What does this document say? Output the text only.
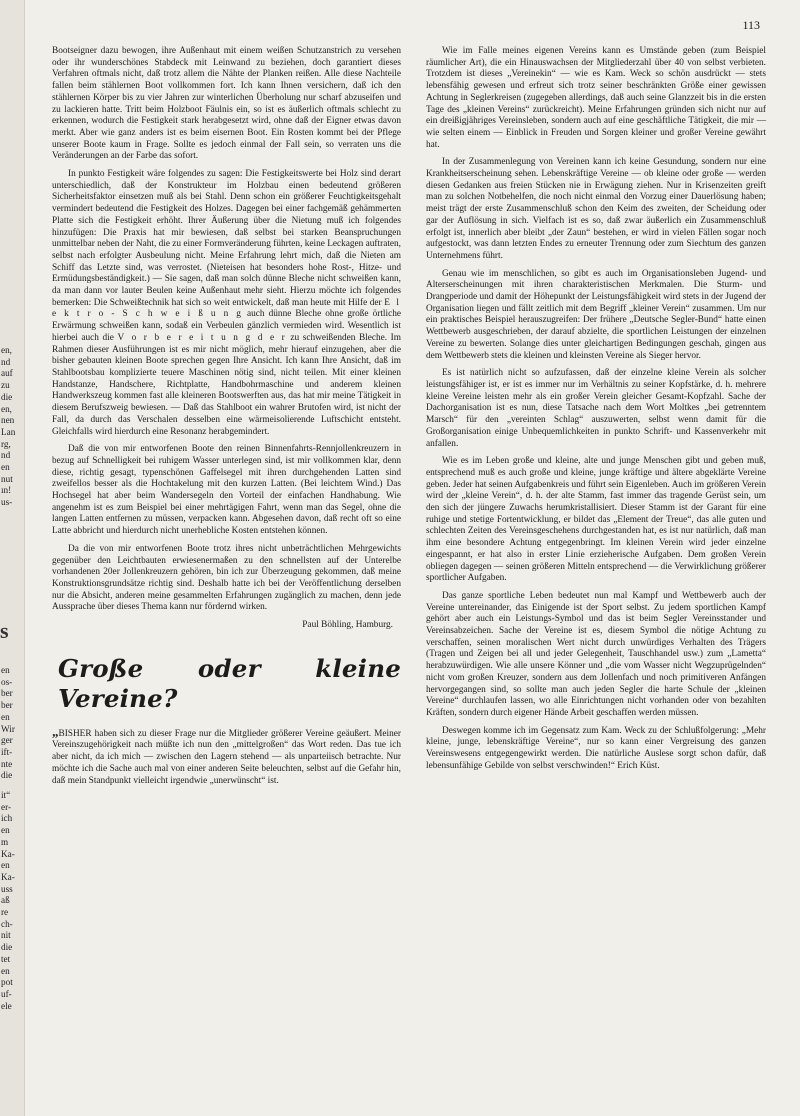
en,
nd
auf
zu
die
en,
nen
Lan
rg,
nd
en
nut
ın!
us-
s
en
os-
ber
ber
en
Wir
ger
ift-
nte
die
it“
er-
ich
en
m
Ka-
en
Ka-
uss
aß
re
ch-
nit
die
tet
en
pot
uf-
ele
113

Bootseigner dazu bewogen, ihre Außenhaut mit einem weißen Schutzanstrich zu versehen oder ihr wunderschönes Stabdeck mit Leinwand zu beziehen, doch garantiert dieses Verfahren oftmals nicht, daß trotz allem die Nähte der Planken reißen. Alle diese Nachteile fallen beim stählernen Boot vollkommen fort. Ich kann Ihnen versichern, daß ich den stählernen Körper bis zu vier Jahren zur winterlichen Überholung nur scharf abzuseifen und zu lackieren hatte. Tritt beim Holzboot Fäulnis ein, so ist es äußerlich oftmals schlecht zu erkennen, wodurch die Festigkeit stark herabgesetzt wird, ohne daß der Eigner etwas davon merkt. Aber wie ganz anders ist es beim eisernen Boot. Ein Rosten kommt bei der Pflege unserer Boote kaum in Frage. Sollte es jedoch einmal der Fall sein, so verraten uns die Veränderungen an der Farbe das sofort.

In punkto Festigkeit wäre folgendes zu sagen: Die Festigkeitswerte bei Holz sind derart unterschiedlich, daß der Konstrukteur im Holzbau einen bedeutend größeren Sicherheitsfaktor einsetzen muß als bei Stahl. Denn schon ein größerer Feuchtigkeitsgehalt vermindert bedeutend die Festigkeit des Holzes. Dagegen bei einer fachgemäß gehämmerten Platte sich die Festigkeit erhöht. Ihrer Äußerung über die Nietung muß ich folgendes hinzufügen: Die Praxis hat mir bewiesen, daß selbst bei starken Beanspruchungen unmittelbar neben der Naht, die zu einer Formveränderung führten, keine Leckagen auftraten, selbst nach erfolgter Ausbeulung nicht. Meine Erfahrung lehrt mich, daß die Nieten am Schiff das Letzte sind, was verrostet. (Nieteisen hat besonders hohe Rost-, Hitze- und Ermüdungsbeständigkeit.) — Sie sagen, daß man solch dünne Bleche nicht schweißen kann, da man dann vor lauter Beulen keine Außenhaut mehr sieht. Hierzu möchte ich folgendes bemerken: Die Schweißtechnik hat sich so weit entwickelt, daß man heute mit Hilfe der E l e k t r o - S c h w e i ß u n g auch dünne Bleche ohne große örtliche Erwärmung schweißen kann, sodaß ein Verbeulen gänzlich vermieden wird. Wesentlich ist hierbei auch die V o r b e r e i t u n g d e r zu schweißenden Bleche. Im Rahmen dieser Ausführungen ist es mir nicht möglich, mehr hierauf einzugehen, aber die bisher gebauten kleinen Boote sprechen gegen Ihre Ansicht. Ich kann Ihre Ansicht, daß im Stahlbootsbau komplizierte teuere Maschinen nötig sind, nicht teilen. Mit einer kleinen Handstanze, Handschere, Richtplatte, Handbohrmaschine und anderem kleinen Handwerkszeug kommen fast alle kleineren Bootswerften aus, das hat mir meine Tätigkeit in diesem Berufszweig bewiesen. — Daß das Stahlboot ein wahrer Brutofen wird, ist nicht der Fall, da durch das Verschalen desselben eine wärmeisolierende Luftschicht entsteht. Gleichfalls wird hierdurch eine Resonanz herabgemindert.

Daß die von mir entworfenen Boote den reinen Binnenfahrts-Rennjollenkreuzern in bezug auf Schnelligkeit bei ruhigem Wasser unterlegen sind, ist mir vollkommen klar, denn diese, richtig gesagt, typenschönen Gaffelsegel mit ihren durchgehenden Latten sind zweifellos besser als die Hochtakelung mit den kurzen Latten. (Bei leichtem Wind.) Das Hochsegel hat aber beim Wandersegeln den Vorteil der einfachen Handhabung. Wie angenehm ist es zum Beispiel bei einer mehrtägigen Fahrt, wenn man das Segel, ohne die langen Latten entfernen zu müssen, verpacken kann. Abgesehen davon, daß recht oft so eine Latte abbricht und hierdurch nicht unerhebliche Kosten entstehen können.

Da die von mir entworfenen Boote trotz ihres nicht unbeträchtlichen Mehrgewichts gegenüber den Leichtbauten erwiesenermaßen zu den schnellsten auf der Unterelbe vorhandenen 20er Jollenkreuzern gehören, bin ich zur Überzeugung gekommen, daß meine Konstruktionsgrundsätze richtig sind. Deshalb hatte ich bei der Veröffentlichung derselben nur die Absicht, anderen meine gesammelten Erfahrungen zugänglich zu machen, denn jede Aussprache über dieses Thema kann nur fördernd wirken.

Paul Böhling, Hamburg.
Große oder kleine Vereine?

„BISHER haben sich zu dieser Frage nur die Mitglieder größerer Vereine geäußert. Meiner Vereinszugehörigkeit nach müßte ich nun den „mittelgroßen“ das Wort reden. Das tue ich aber nicht, da ich mich — zwischen den Lagern stehend — als unparteiisch betrachte. Nur möchte ich die Sache auch mal von einer anderen Seite beleuchten, selbst auf die Gefahr hin, daß mein Standpunkt vielleicht irgendwie „unerwünscht“ ist.

Wie im Falle meines eigenen Vereins kann es Umstände geben (zum Beispiel räumlicher Art), die ein Hinauswachsen der Mitgliederzahl über 40 von selbst verbieten. Trotzdem ist dieses „Vereinekin“ — wie es Kam. Weck so schön ausdrückt — stets lebensfähig gewesen und erfreut sich trotz seiner beschränkten Größe einer gewissen Achtung in Seglerkreisen (zugegeben allerdings, daß auch seine Glanzzeit bis in die ersten Tage des „kleinen Vereins“ zurückreicht). Meine Erfahrungen gründen sich nicht nur auf ein dreißigjähriges Vereinsleben, sondern auch auf eine geschäftliche Tätigkeit, die mir — wie selten einem — Einblick in Freuden und Sorgen kleiner und großer Vereine gewährt hat.

In der Zusammenlegung von Vereinen kann ich keine Gesundung, sondern nur eine Krankheitserscheinung sehen. Lebenskräftige Vereine — ob kleine oder große — werden diesen Gedanken aus freien Stücken nie in Erwägung ziehen. Nur in Krisenzeiten greift man zu solchen Notbehelfen, die noch nicht einmal den Vorzug einer Dauerlösung haben; meist trägt der erste Zusammenschluß schon den Keim des zweiten, der Scheidung oder gar der Auflösung in sich. Vielfach ist es so, daß zwar äußerlich ein Zusammenschluß erfolgt ist, innerlich aber bleibt „der Zaun“ bestehen, er wird in vielen Fällen sogar noch aufgestockt, was dann letzten Endes zu erneuter Trennung oder zum Siechtum des ganzen Unternehmens führt.

Genau wie im menschlichen, so gibt es auch im Organisationsleben Jugend- und Alterserscheinungen mit ihren charakteristischen Merkmalen. Die Sturm- und Drangperiode und damit der Höhepunkt der Leistungsfähigkeit wird stets in der Jugend der Organisation liegen und fällt zeitlich mit dem Begriff „kleiner Verein“ zusammen. Um nur ein praktisches Beispiel herauszugreifen: Der frühere „Deutsche Segler-Bund“ hatte einen Wettbewerb ausgeschrieben, der darauf abzielte, die sportlichen Leistungen der einzelnen Vereine zu bewerten. Solange dies unter gleichartigen Bedingungen geschah, gingen aus dem Wettbewerb stets die kleinen und kleinsten Vereine als Sieger hervor.

Es ist natürlich nicht so aufzufassen, daß der einzelne kleine Verein als solcher leistungsfähiger ist, er ist es immer nur im Verhältnis zu seiner Kopfstärke, d. h. mehrere kleine Vereine leisten mehr als ein großer Verein gleicher Gesamt-Kopfzahl. Sache der Dachorganisation ist es nun, diese Tatsache nach dem Wort Moltkes „bei getrenntem Marsch“ für den „vereinten Schlag“ auszuwerten, selbst wenn damit für die Großorganisation einige Unbequemlichkeiten in punkto Schrift- und Kassenverkehr mit anfallen.

Wie es im Leben große und kleine, alte und junge Menschen gibt und geben muß, entsprechend muß es auch große und kleine, junge kräftige und ältere abgeklärte Vereine geben. Jeder hat seinen Aufgabenkreis und führt sein Eigenleben. Auch im größeren Verein wird der „kleine Verein“, d. h. der alte Stamm, fast immer das tragende Gerüst sein, um den sich der jüngere Zuwachs herumkristallisiert. Dieser Stamm ist der Garant für eine ruhige und stetige Fortentwicklung, er bildet das „Element der Treue“, das alle guten und schlechten Zeiten des Vereinsgeschehens durchgestanden hat, es ist nur natürlich, daß man ihm eine besondere Achtung entgegenbringt. Im kleinen Verein wird jeder einzelne eingespannt, er hat also in erster Linie erzieherische Aufgaben. Dem großen Verein obliegen dagegen — seinen größeren Mitteln entsprechend — die Verwirklichung größerer sportlicher Aufgaben.

Das ganze sportliche Leben bedeutet nun mal Kampf und Wettbewerb auch der Vereine untereinander, das Einigende ist der Sport selbst. Zu jedem sportlichen Kampf gehört aber auch ein Leistungs-Symbol und das ist beim Segler Vereinsstander und Vereinsabzeichen. Sache der Vereine ist es, diesem Symbol die nötige Achtung zu verschaffen, seinen moralischen Wert nicht durch unwürdiges Verhalten des Trägers (Tragen und Zeigen bei all und jeder Gelegenheit, Tauschhandel usw.) zum „Lametta“ herabzuwürdigen. Wie alle unsere Könner und „die vom Wasser nicht Wegzuprügelnden“ nicht vom großen Kreuzer, sondern aus dem Jollenfach und noch primitiveren Anfängen hervorgegangen sind, so sollte man auch jeden Segler die harte Schule der „kleinen Vereine“ durchlaufen lassen, wo alle Einrichtungen nicht vorhanden oder von bezahlten Kräften, sondern durch eigener Hände Arbeit geschaffen werden müssen.

Deswegen komme ich im Gegensatz zum Kam. Weck zu der Schlußfolgerung: „Mehr kleine, junge, lebenskräftige Vereine“, nur so kann einer Vergreisung des ganzen Vereinswesens entgegengewirkt werden. Die natürliche Auslese sorgt schon dafür, daß lebensunfähige Gebilde von selbst verschwinden!“ Erich Küst.
